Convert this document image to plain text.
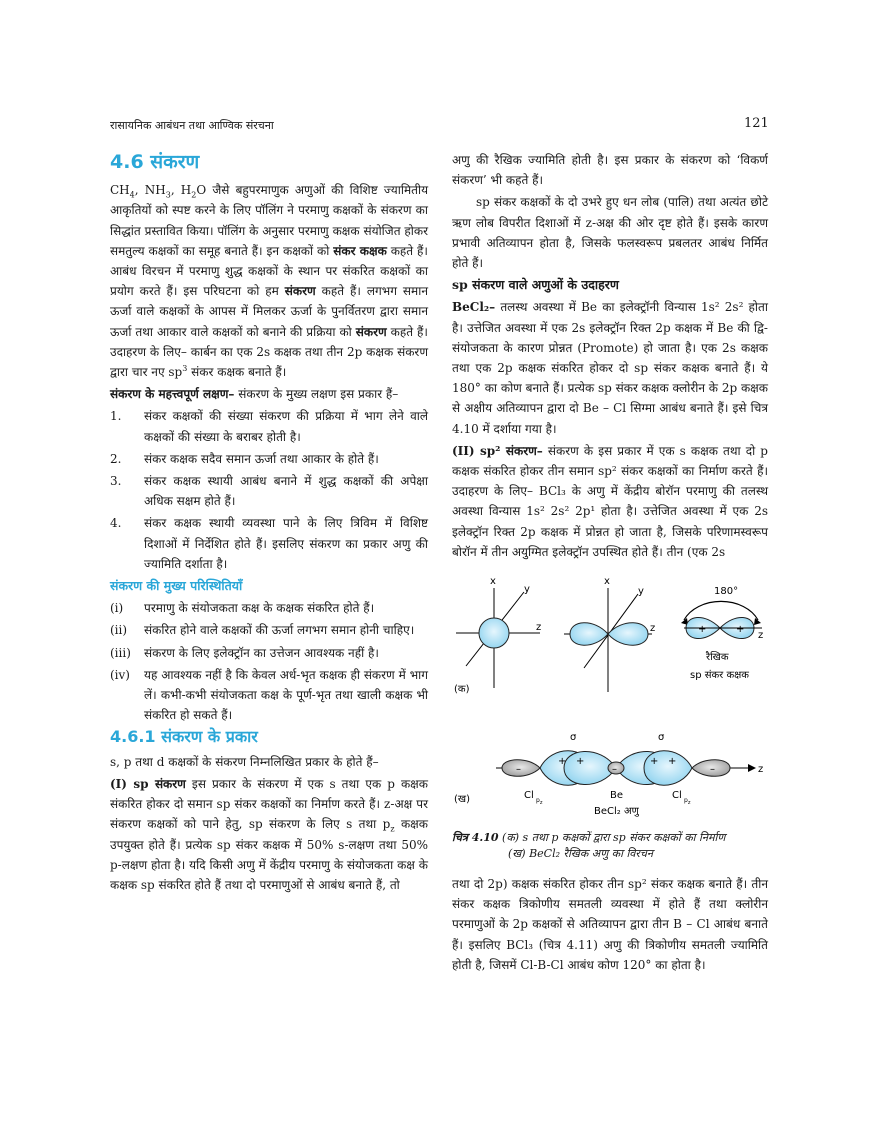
रासायनिक आबंधन तथा आण्विक संरचना	121
4.6 संकरण

$CH_4$, $NH_3$, $H_2O$ जैसे बहुपरमाणुक अणुओं की विशिष्ट ज्यामितीय आकृतियों को स्पष्ट करने के लिए पॉलिंग ने परमाणु कक्षकों के संकरण का सिद्धांत प्रस्तावित किया। पॉलिंग के अनुसार परमाणु कक्षक संयोजित होकर समतुल्य कक्षकों का समूह बनाते हैं। इन कक्षकों को संकर कक्षक कहते हैं। आबंध विरचन में परमाणु शुद्ध कक्षकों के स्थान पर संकरित कक्षकों का प्रयोग करते हैं। इस परिघटना को हम संकरण कहते हैं। लगभग समान ऊर्जा वाले कक्षकों के आपस में मिलकर ऊर्जा के पुनर्वितरण द्वारा समान ऊर्जा तथा आकार वाले कक्षकों को बनाने की प्रक्रिया को संकरण कहते हैं। उदाहरण के लिए– कार्बन का एक 2s कक्षक तथा तीन 2p कक्षक संकरण द्वारा चार नए $sp^3$ संकर कक्षक बनाते हैं।

संकरण के महत्त्वपूर्ण लक्षण– संकरण के मुख्य लक्षण इस प्रकार हैं–

1. संकर कक्षकों की संख्या संकरण की प्रक्रिया में भाग लेने वाले कक्षकों की संख्या के बराबर होती है।
2. संकर कक्षक सदैव समान ऊर्जा तथा आकार के होते हैं।
3. संकर कक्षक स्थायी आबंध बनाने में शुद्ध कक्षकों की अपेक्षा अधिक सक्षम होते हैं।
4. संकर कक्षक स्थायी व्यवस्था पाने के लिए त्रिविम में विशिष्ट दिशाओं में निर्देशित होते हैं। इसलिए संकरण का प्रकार अणु की ज्यामिति दर्शाता है।
संकरण की मुख्य परिस्थितियाँ
(i) परमाणु के संयोजकता कक्ष के कक्षक संकरित होते हैं।
(ii) संकरित होने वाले कक्षकों की ऊर्जा लगभग समान होनी चाहिए।
(iii) संकरण के लिए इलेक्ट्रॉन का उत्तेजन आवश्यक नहीं है।
(iv) यह आवश्यक नहीं है कि केवल अर्ध-भृत कक्षक ही संकरण में भाग लें। कभी-कभी संयोजकता कक्ष के पूर्ण-भृत तथा खाली कक्षक भी संकरित हो सकते हैं।
4.6.1 संकरण के प्रकार

s, p तथा d कक्षकों के संकरण निम्नलिखित प्रकार के होते हैं–

(I) sp संकरण इस प्रकार के संकरण में एक s तथा एक p कक्षक संकरित होकर दो समान sp संकर कक्षकों का निर्माण करते हैं। z-अक्ष पर संकरण कक्षकों को पाने हेतु, sp संकरण के लिए s तथा $p_z$ कक्षक उपयुक्त होते हैं। प्रत्येक sp संकर कक्षक में 50% s-लक्षण तथा 50% p-लक्षण होता है। यदि किसी अणु में केंद्रीय परमाणु के संयोजकता कक्ष के कक्षक sp संकरित होते हैं तथा दो परमाणुओं से आबंध बनाते हैं, तो

अणु की रैखिक ज्यामिति होती है। इस प्रकार के संकरण को ‘विकर्ण संकरण’ भी कहते हैं।

sp संकर कक्षकों के दो उभरे हुए धन लोब (पालि) तथा अत्यंत छोटे ऋण लोब विपरीत दिशाओं में z-अक्ष की ओर दृष्ट होते हैं। इसके कारण प्रभावी अतिव्यापन होता है, जिसके फलस्वरूप प्रबलतर आबंध निर्मित होते हैं।

sp संकरण वाले अणुओं के उदाहरण

BeCl₂– तलस्थ अवस्था में Be का इलेक्ट्रॉनी विन्यास 1s² 2s² होता है। उत्तेजित अवस्था में एक 2s इलेक्ट्रॉन रिक्त 2p कक्षक में Be की द्वि-संयोजकता के कारण प्रोन्नत (Promote) हो जाता है। एक 2s कक्षक तथा एक 2p कक्षक संकरित होकर दो sp संकर कक्षक बनाते हैं। ये 180° का कोण बनाते हैं। प्रत्येक sp संकर कक्षक क्लोरीन के 2p कक्षक से अक्षीय अतिव्यापन द्वारा दो Be – Cl सिग्मा आबंध बनाते हैं। इसे चित्र 4.10 में दर्शाया गया है।

(II) sp² संकरण– संकरण के इस प्रकार में एक s कक्षक तथा दो p कक्षक संकरित होकर तीन समान sp² संकर कक्षकों का निर्माण करते हैं। उदाहरण के लिए– BCl₃ के अणु में केंद्रीय बोरॉन परमाणु की तलस्थ अवस्था विन्यास 1s² 2s² 2p¹ होता है। उत्तेजित अवस्था में एक 2s इलेक्ट्रॉन रिक्त 2p कक्षक में प्रोन्नत हो जाता है, जिसके परिणामस्वरूप बोरॉन में तीन अयुग्मित इलेक्ट्रॉन उपस्थित होते हैं। तीन (एक 2s

x
y
z
x
y
z
180°
+	+
z
रैखिक
sp संकर कक्षक
(क)
z
–
+ +
–
+ +
–
σ	σ
Cl $p_z$
Be	Cl $p_z$
BeCl₂ अणु
(ख)
चित्र 4.10 (क) s तथा p कक्षकों द्वारा sp संकर कक्षकों का निर्माण
(ख) BeCl₂ रैखिक अणु का विरचन

तथा दो 2p) कक्षक संकरित होकर तीन sp² संकर कक्षक बनाते हैं। तीन संकर कक्षक त्रिकोणीय समतली व्यवस्था में होते हैं तथा क्लोरीन परमाणुओं के 2p कक्षकों से अतिव्यापन द्वारा तीन B – Cl आबंध बनाते हैं। इसलिए BCl₃ (चित्र 4.11) अणु की त्रिकोणीय समतली ज्यामिति होती है, जिसमें Cl-B-Cl आबंध कोण 120° का होता है।
